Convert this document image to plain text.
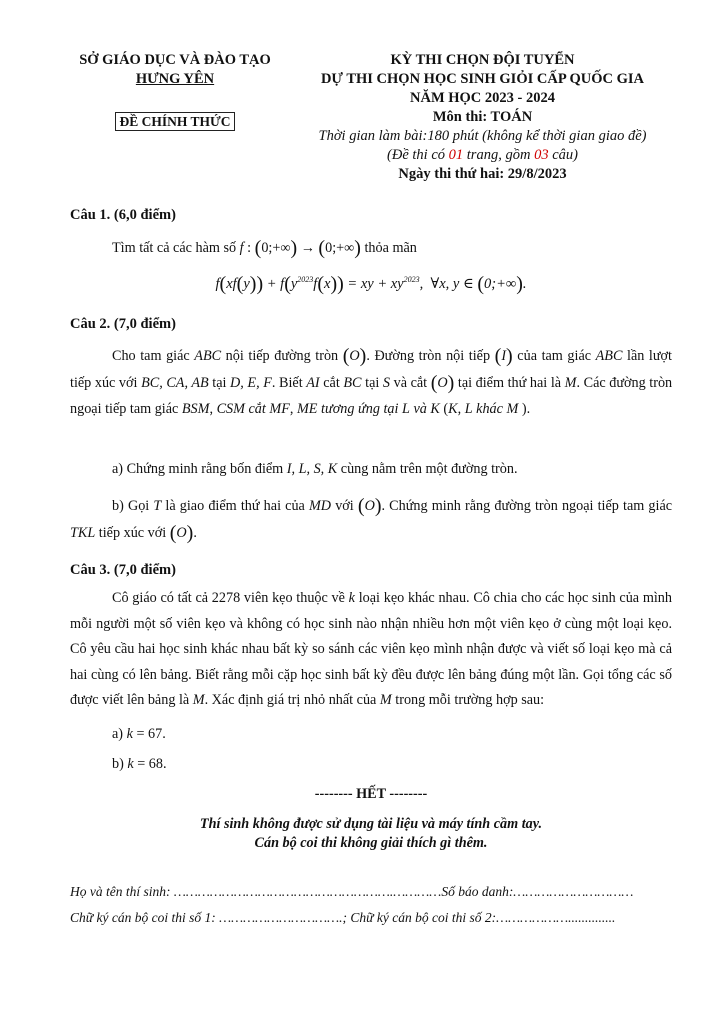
SỞ GIÁO DỤC VÀ ĐÀO TẠO
HƯNG YÊN
ĐỀ CHÍNH THỨC
KỲ THI CHỌN ĐỘI TUYỂN
DỰ THI CHỌN HỌC SINH GIỎI CẤP QUỐC GIA
NĂM HỌC 2023 - 2024
Môn thi: TOÁN
Thời gian làm bài:180 phút (không kể thời gian giao đề)
(Đề thi có 01 trang, gồm 03 câu)
Ngày thi thứ hai: 29/8/2023
Câu 1. (6,0 điểm)
Tìm tất cả các hàm số f : (0;+∞) → (0;+∞) thỏa mãn
$f(xf(y)) + f(y^{2023}f(x))$ = xy + $xy^{2023}$,  ∀x, y ∈ (0;+∞).
Câu 2. (7,0 điểm)
Cho tam giác ABC nội tiếp đường tròn (O). Đường tròn nội tiếp (I) của tam giác ABC lần lượt tiếp xúc với BC, CA, AB tại D, E, F. Biết AI cắt BC tại S và cắt (O) tại điểm thứ hai là M. Các đường tròn ngoại tiếp tam giác BSM, CSM cắt MF, ME tương ứng tại L và K (K, L khác M ).
a) Chứng minh rằng bốn điểm I, L, S, K cùng nằm trên một đường tròn.
b) Gọi T là giao điểm thứ hai của MD với (O). Chứng minh rằng đường tròn ngoại tiếp tam giác TKL tiếp xúc với (O).
Câu 3. (7,0 điểm)
Cô giáo có tất cả 2278 viên kẹo thuộc về k loại kẹo khác nhau. Cô chia cho các học sinh của mình mỗi người một số viên kẹo và không có học sinh nào nhận nhiều hơn một viên kẹo ở cùng một loại kẹo. Cô yêu cầu hai học sinh khác nhau bất kỳ so sánh các viên kẹo mình nhận được và viết số loại kẹo mà cả hai cùng có lên bảng. Biết rằng mỗi cặp học sinh bất kỳ đều được lên bảng đúng một lần. Gọi tổng các số được viết lên bảng là M. Xác định giá trị nhỏ nhất của M trong mỗi trường hợp sau:
a) k = 67.
b) k = 68.
-------- HẾT --------
Thí sinh không được sử dụng tài liệu và máy tính cầm tay.
Cán bộ coi thi không giải thích gì thêm.
Họ và tên thí sinh: ……………………………………………….…………Số báo danh:…………………………
Chữ ký cán bộ coi thi số 1: ………………………….; Chữ ký cán bộ coi thi số 2:………………..............
